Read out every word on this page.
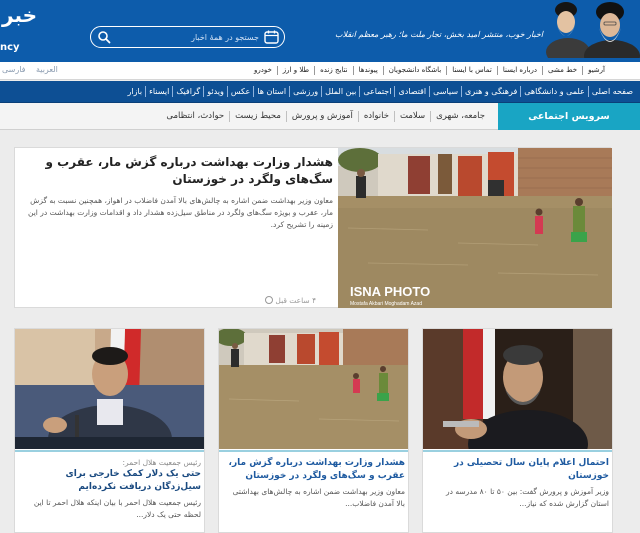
خبر
ncy
جستجو در همهٔ اخبار
اخبار خوب، منتشر امید بخش، تجار ملت ما؛ رهبر معظم انقلاب
فارسی العربية	آرشیو
خط مشی
درباره ایسنا
تماس با ایسنا
باشگاه دانشجویان
پیوندها
نتایج زنده
طلا و ارز
خودرو
صفحه اصلی
علمی و دانشگاهی
فرهنگی و هنری
سیاسی
اقتصادی
اجتماعی
بین الملل
ورزشی
استان ها
عکس
ویدئو
گرافیک
ایسناء
بازار
جامعه، شهری
سلامت
خانواده
آموزش و پرورش
محیط زیست
حوادث، انتظامی	سرویس اجتماعی
ISNA PHOTO
Mostafa Akbari Moghadam Azad
هشدار وزارت بهداشت درباره گزش مار، عقرب و سگ‌های ولگرد در خوزستان
معاون وزیر بهداشت ضمن اشاره به چالش‌های بالا آمدن فاضلاب در اهواز، همچنین نسبت به گزش مار، عقرب و بویژه سگ‌های ولگرد در مناطق سیل‌زده هشدار داد و اقدامات وزارت بهداشت در این زمینه را تشریح کرد.
۴ ساعت قبل
رئیس جمعیت هلال احمر:
حتی یک دلار کمک خارجی برای سیل‌زدگان دریافت نکرده‌ایم
رئیس جمعیت هلال احمر با بیان اینکه هلال احمر تا این لحظه حتی یک دلار...
هشدار وزارت بهداشت درباره گزش مار، عقرب و سگ‌های ولگرد در خوزستان
معاون وزیر بهداشت ضمن اشاره به چالش‌های بهداشتی بالا آمدن فاضلاب...
احتمال اعلام پایان سال تحصیلی در خوزستان
وزیر آموزش و پرورش گفت: بین ۵۰ تا ۸۰ مدرسه در استان گزارش شده که نیاز...
